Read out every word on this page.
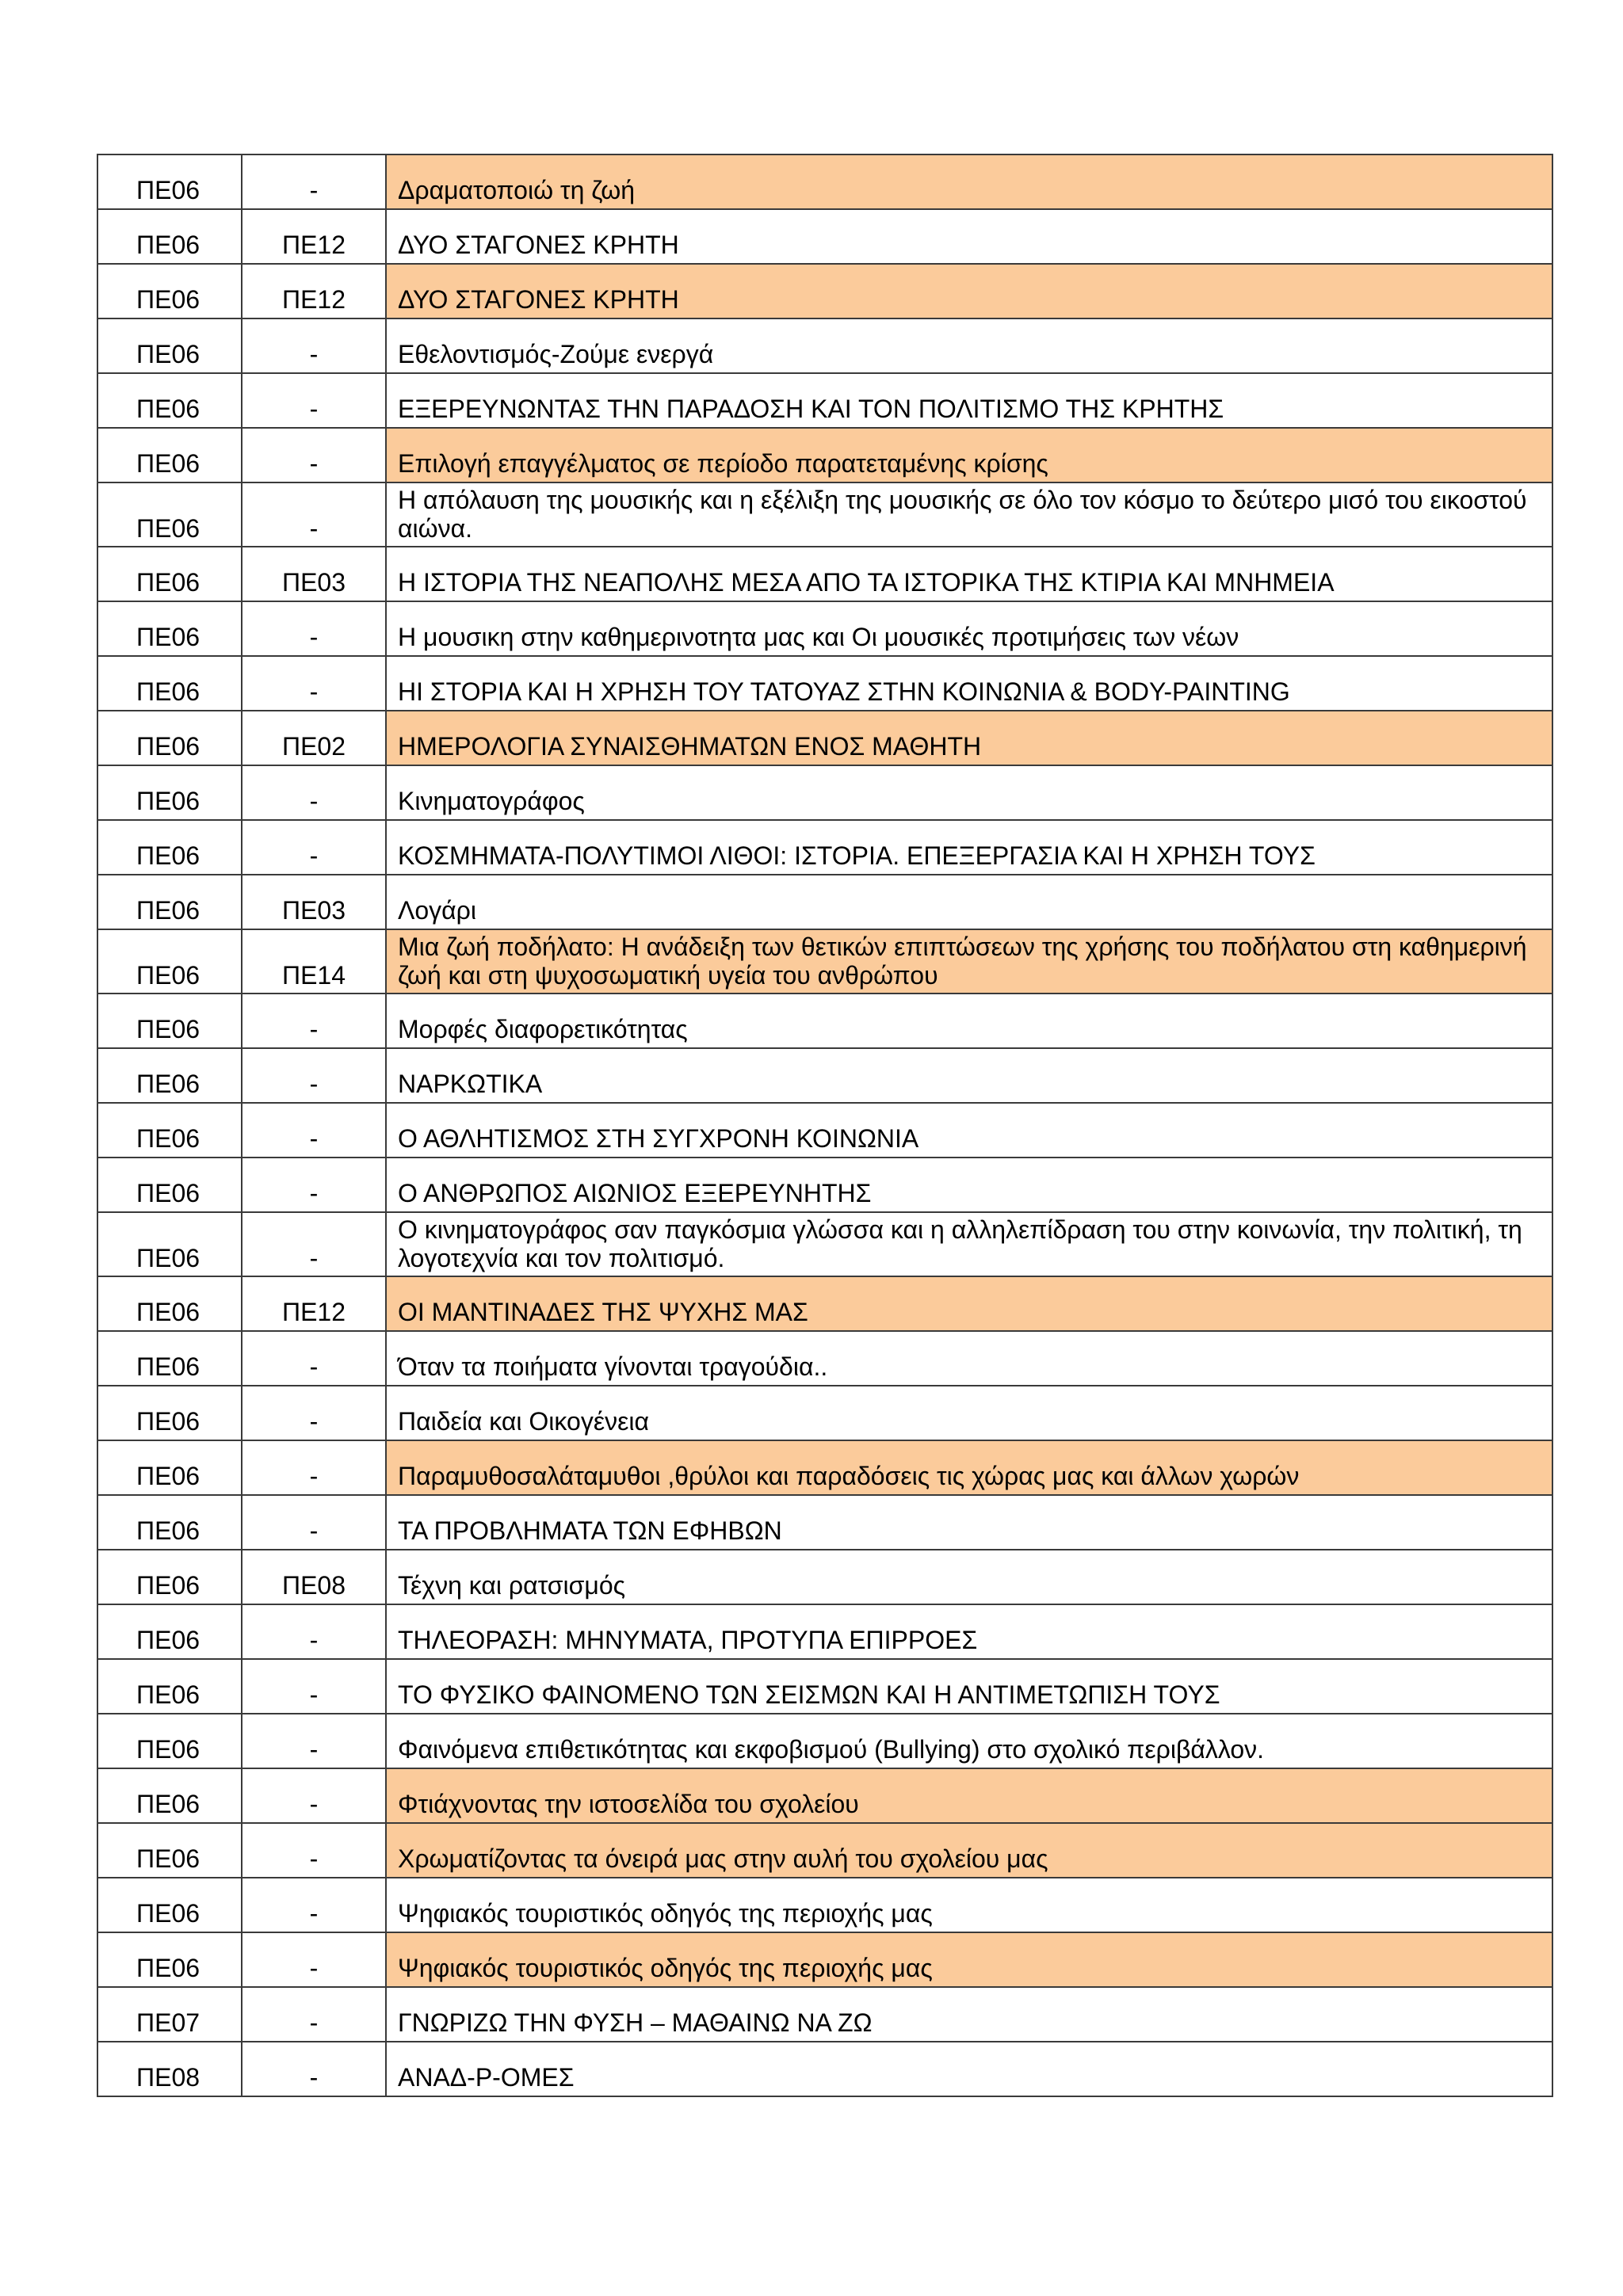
ΠΕ06	-	Δραματοποιώ τη ζωή
ΠΕ06	ΠΕ12	ΔΥΟ ΣΤΑΓΟΝΕΣ ΚΡΗΤΗ
ΠΕ06	ΠΕ12	ΔΥΟ ΣΤΑΓΟΝΕΣ ΚΡΗΤΗ
ΠΕ06	-	Εθελοντισμός-Ζούμε ενεργά
ΠΕ06	-	ΕΞΕΡΕΥΝΩΝΤΑΣ ΤΗΝ ΠΑΡΑΔΟΣΗ ΚΑΙ ΤΟΝ ΠΟΛΙΤΙΣΜΟ ΤΗΣ ΚΡΗΤΗΣ
ΠΕ06	-	Επιλογή επαγγέλματος σε περίοδο παρατεταμένης κρίσης
ΠΕ06	-	Η απόλαυση της μουσικής και η εξέλιξη της μουσικής σε όλο τον κόσμο το δεύτερο μισό του εικοστού αιώνα.
ΠΕ06	ΠΕ03	Η ΙΣΤΟΡΙΑ ΤΗΣ ΝΕΑΠΟΛΗΣ ΜΕΣΑ ΑΠΟ ΤΑ ΙΣΤΟΡΙΚΑ ΤΗΣ ΚΤΙΡΙΑ ΚΑΙ ΜΝΗΜΕΙΑ
ΠΕ06	-	Η μουσικη στην καθημερινοτητα μας και Οι μουσικές προτιμήσεις των νέων
ΠΕ06	-	ΗΙ ΣΤΟΡΙΑ ΚΑΙ Η ΧΡΗΣΗ ΤΟΥ ΤΑΤΟΥΑΖ ΣΤΗΝ ΚΟΙΝΩΝΙΑ & BODY-PAINTING
ΠΕ06	ΠΕ02	ΗΜΕΡΟΛΟΓΙΑ ΣΥΝΑΙΣΘΗΜΑΤΩΝ ΕΝΟΣ ΜΑΘΗΤΗ
ΠΕ06	-	Κινηματογράφος
ΠΕ06	-	ΚΟΣΜΗΜΑΤΑ-ΠΟΛΥΤΙΜΟΙ ΛΙΘΟΙ: ΙΣΤΟΡΙΑ. ΕΠΕΞΕΡΓΑΣΙΑ ΚΑΙ Η ΧΡΗΣΗ ΤΟΥΣ
ΠΕ06	ΠΕ03	Λογάρι
ΠΕ06	ΠΕ14	Μια ζωή ποδήλατο: Η ανάδειξη των θετικών επιπτώσεων της χρήσης του ποδήλατου στη καθημερινή ζωή και στη ψυχοσωματική υγεία του ανθρώπου
ΠΕ06	-	Μορφές διαφορετικότητας
ΠΕ06	-	ΝΑΡΚΩΤΙΚΑ
ΠΕ06	-	Ο ΑΘΛΗΤΙΣΜΟΣ ΣΤΗ ΣΥΓΧΡΟΝΗ ΚΟΙΝΩΝΙΑ
ΠΕ06	-	Ο ΑΝΘΡΩΠΟΣ ΑΙΩΝΙΟΣ ΕΞΕΡΕΥΝΗΤΗΣ
ΠΕ06	-	Ο κινηματογράφος σαν παγκόσμια γλώσσα και η αλληλεπίδραση του στην κοινωνία, την πολιτική, τη λογοτεχνία και τον πολιτισμό.
ΠΕ06	ΠΕ12	ΟΙ ΜΑΝΤΙΝΑΔΕΣ ΤΗΣ ΨΥΧΗΣ ΜΑΣ
ΠΕ06	-	Όταν τα ποιήματα γίνονται τραγούδια..
ΠΕ06	-	Παιδεία και Οικογένεια
ΠΕ06	-	Παραμυθοσαλάταμυθοι ,θρύλοι και παραδόσεις τις χώρας μας και άλλων χωρών
ΠΕ06	-	ΤΑ ΠΡΟΒΛΗΜΑΤΑ ΤΩΝ ΕΦΗΒΩΝ
ΠΕ06	ΠΕ08	Τέχνη και ρατσισμός
ΠΕ06	-	ΤΗΛΕΟΡΑΣΗ: ΜΗΝΥΜΑΤΑ, ΠΡΟΤΥΠΑ ΕΠΙΡΡΟΕΣ
ΠΕ06	-	ΤΟ ΦΥΣΙΚΟ ΦΑΙΝΟΜΕΝΟ ΤΩΝ ΣΕΙΣΜΩΝ ΚΑΙ Η ΑΝΤΙΜΕΤΩΠΙΣΗ ΤΟΥΣ
ΠΕ06	-	Φαινόμενα επιθετικότητας και εκφοβισμού (Bullying) στο σχολικό περιβάλλον.
ΠΕ06	-	Φτιάχνοντας την ιστοσελίδα του σχολείου
ΠΕ06	-	Χρωματίζοντας τα όνειρά μας στην αυλή του σχολείου μας
ΠΕ06	-	Ψηφιακός τουριστικός οδηγός της περιοχής μας
ΠΕ06	-	Ψηφιακός τουριστικός οδηγός της περιοχής μας
ΠΕ07	-	ΓΝΩΡΙΖΩ ΤΗΝ ΦΥΣΗ – ΜΑΘΑΙΝΩ ΝΑ ΖΩ
ΠΕ08	-	ΑΝΑΔ-Ρ-ΟΜΕΣ
